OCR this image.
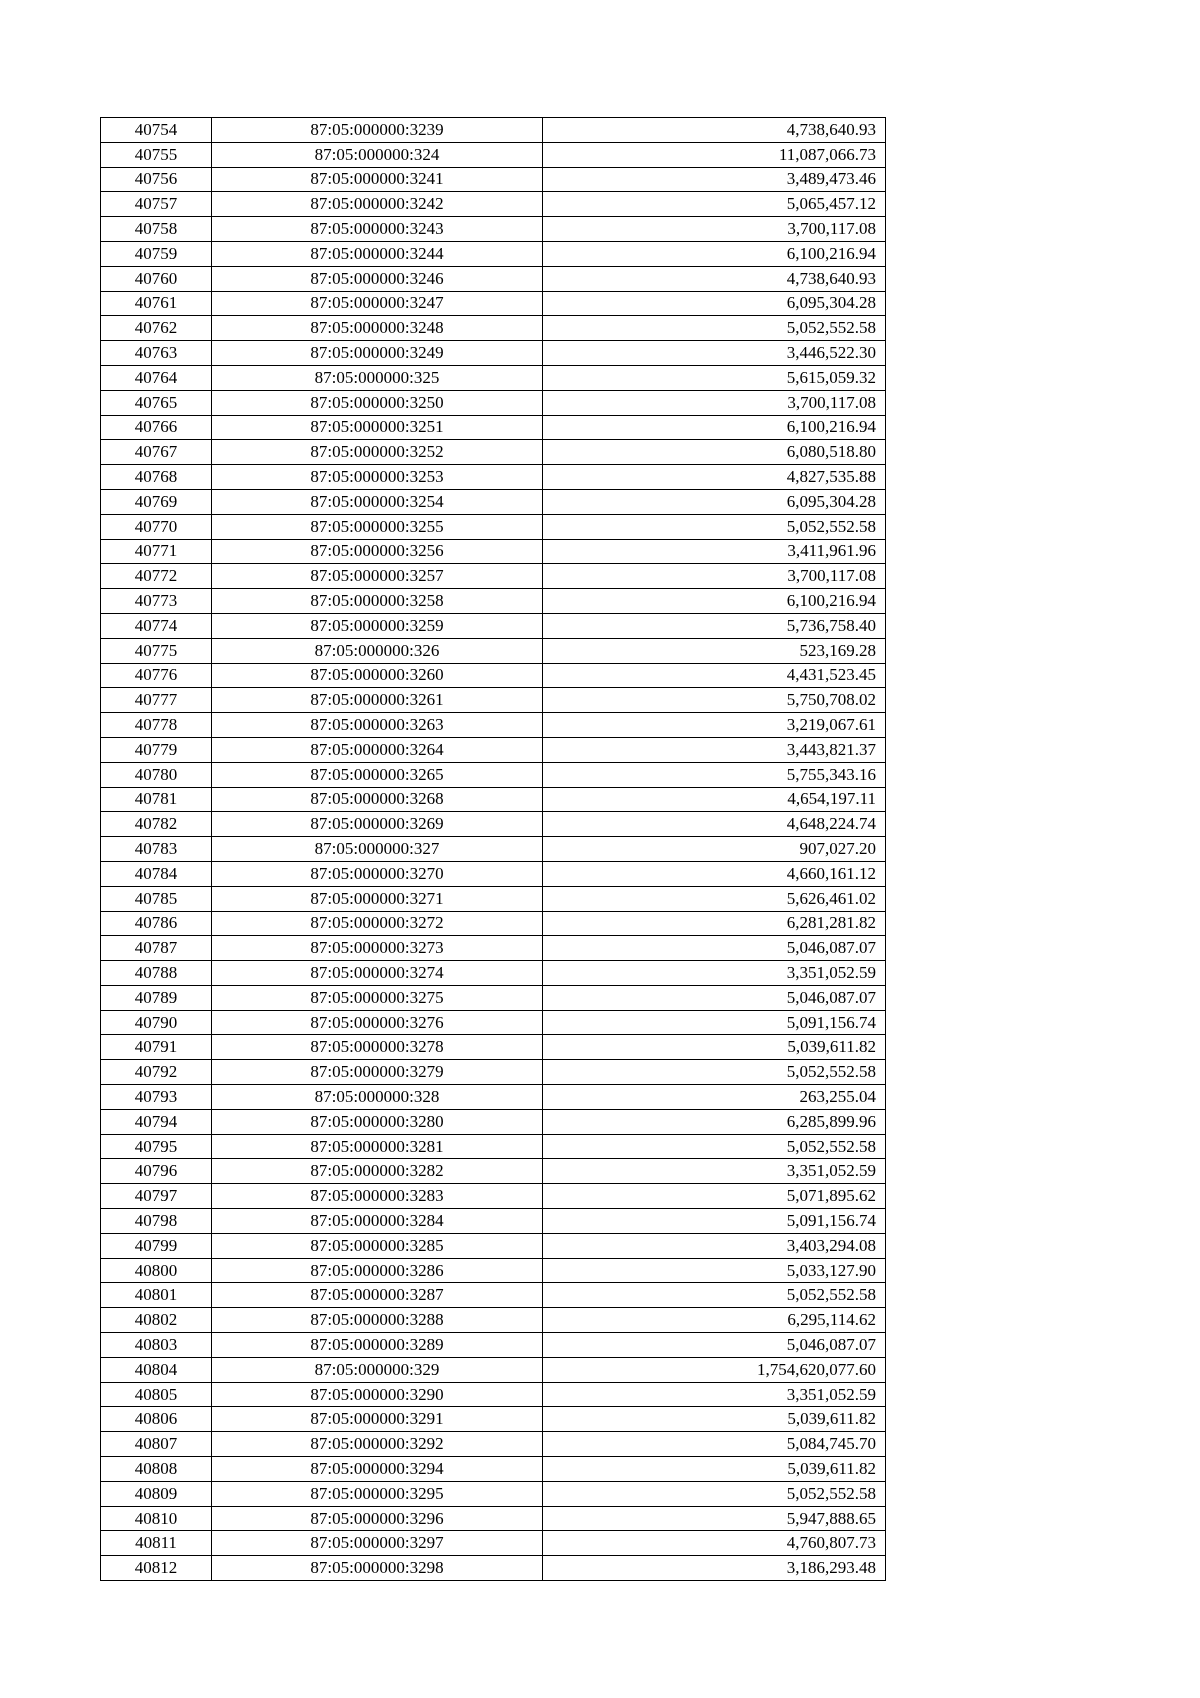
40754	87:05:000000:3239	4,738,640.93
40755	87:05:000000:324	11,087,066.73
40756	87:05:000000:3241	3,489,473.46
40757	87:05:000000:3242	5,065,457.12
40758	87:05:000000:3243	3,700,117.08
40759	87:05:000000:3244	6,100,216.94
40760	87:05:000000:3246	4,738,640.93
40761	87:05:000000:3247	6,095,304.28
40762	87:05:000000:3248	5,052,552.58
40763	87:05:000000:3249	3,446,522.30
40764	87:05:000000:325	5,615,059.32
40765	87:05:000000:3250	3,700,117.08
40766	87:05:000000:3251	6,100,216.94
40767	87:05:000000:3252	6,080,518.80
40768	87:05:000000:3253	4,827,535.88
40769	87:05:000000:3254	6,095,304.28
40770	87:05:000000:3255	5,052,552.58
40771	87:05:000000:3256	3,411,961.96
40772	87:05:000000:3257	3,700,117.08
40773	87:05:000000:3258	6,100,216.94
40774	87:05:000000:3259	5,736,758.40
40775	87:05:000000:326	523,169.28
40776	87:05:000000:3260	4,431,523.45
40777	87:05:000000:3261	5,750,708.02
40778	87:05:000000:3263	3,219,067.61
40779	87:05:000000:3264	3,443,821.37
40780	87:05:000000:3265	5,755,343.16
40781	87:05:000000:3268	4,654,197.11
40782	87:05:000000:3269	4,648,224.74
40783	87:05:000000:327	907,027.20
40784	87:05:000000:3270	4,660,161.12
40785	87:05:000000:3271	5,626,461.02
40786	87:05:000000:3272	6,281,281.82
40787	87:05:000000:3273	5,046,087.07
40788	87:05:000000:3274	3,351,052.59
40789	87:05:000000:3275	5,046,087.07
40790	87:05:000000:3276	5,091,156.74
40791	87:05:000000:3278	5,039,611.82
40792	87:05:000000:3279	5,052,552.58
40793	87:05:000000:328	263,255.04
40794	87:05:000000:3280	6,285,899.96
40795	87:05:000000:3281	5,052,552.58
40796	87:05:000000:3282	3,351,052.59
40797	87:05:000000:3283	5,071,895.62
40798	87:05:000000:3284	5,091,156.74
40799	87:05:000000:3285	3,403,294.08
40800	87:05:000000:3286	5,033,127.90
40801	87:05:000000:3287	5,052,552.58
40802	87:05:000000:3288	6,295,114.62
40803	87:05:000000:3289	5,046,087.07
40804	87:05:000000:329	1,754,620,077.60
40805	87:05:000000:3290	3,351,052.59
40806	87:05:000000:3291	5,039,611.82
40807	87:05:000000:3292	5,084,745.70
40808	87:05:000000:3294	5,039,611.82
40809	87:05:000000:3295	5,052,552.58
40810	87:05:000000:3296	5,947,888.65
40811	87:05:000000:3297	4,760,807.73
40812	87:05:000000:3298	3,186,293.48
